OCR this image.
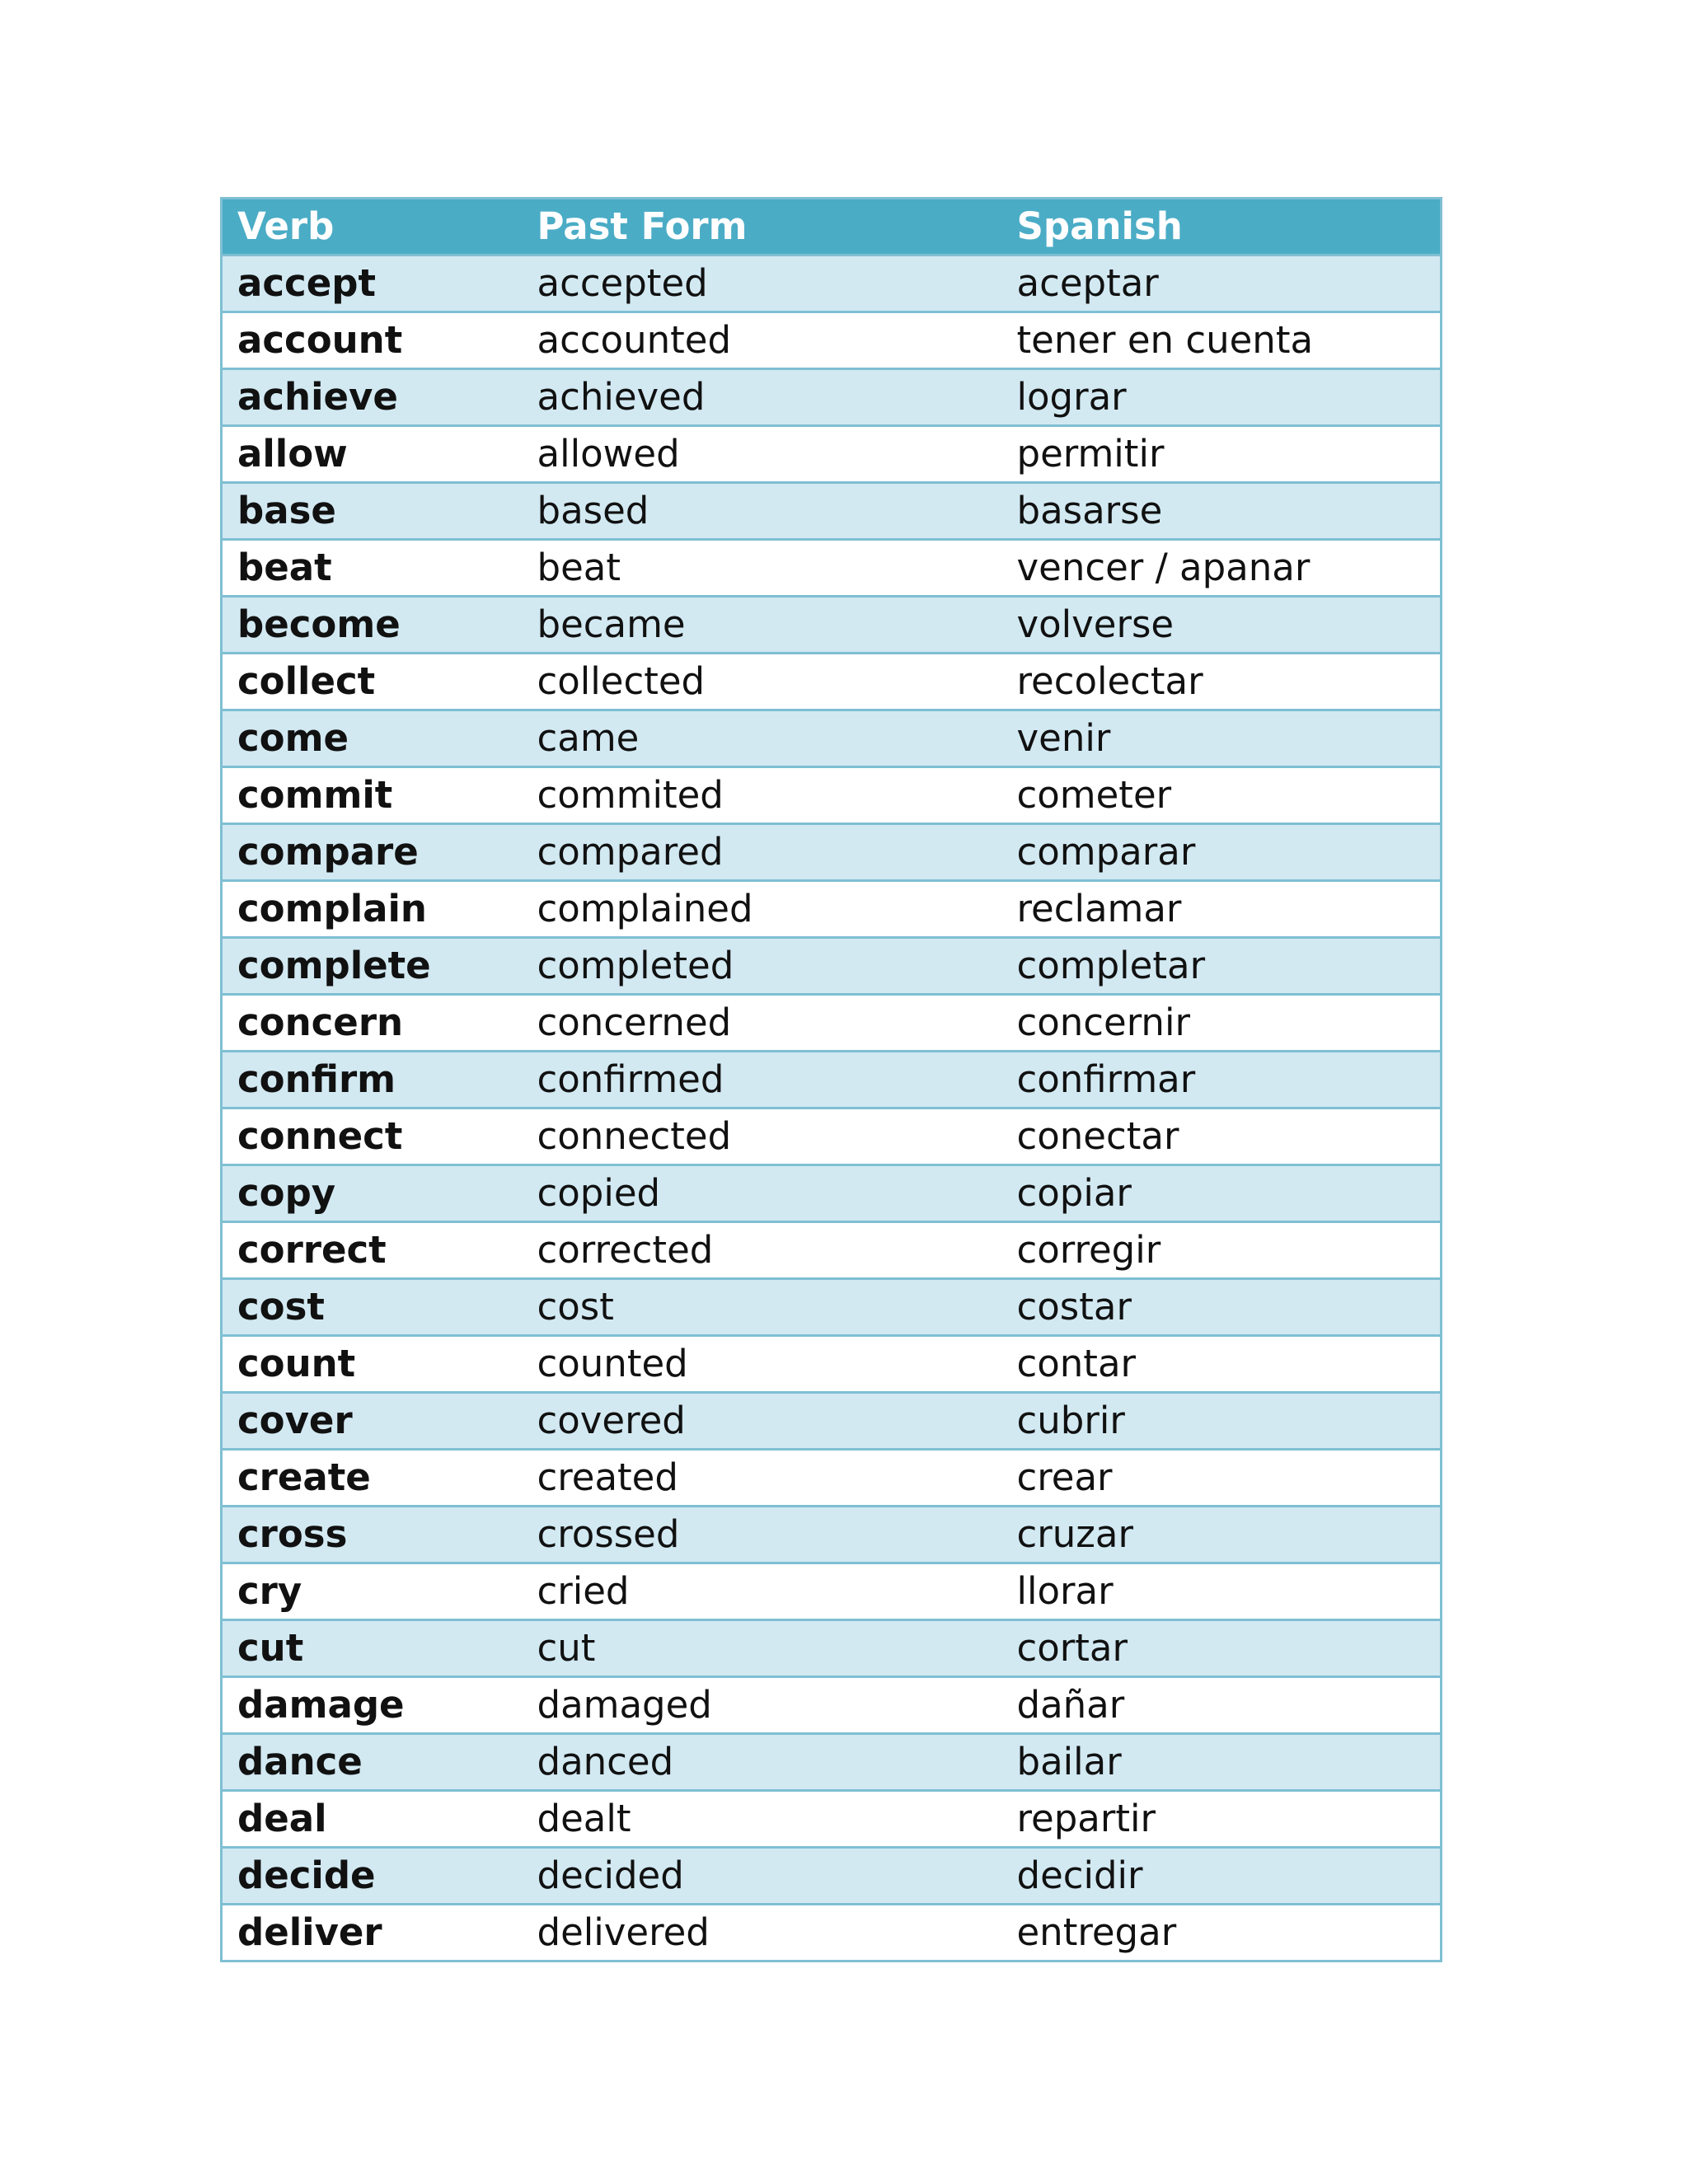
Verb	Past Form	Spanish
accept	accepted	aceptar
account	accounted	tener en cuenta
achieve	achieved	lograr
allow	allowed	permitir
base	based	basarse
beat	beat	vencer / apanar
become	became	volverse
collect	collected	recolectar
come	came	venir
commit	commited	cometer
compare	compared	comparar
complain	complained	reclamar
complete	completed	completar
concern	concerned	concernir
confirm	confirmed	confirmar
connect	connected	conectar
copy	copied	copiar
correct	corrected	corregir
cost	cost	costar
count	counted	contar
cover	covered	cubrir
create	created	crear
cross	crossed	cruzar
cry	cried	llorar
cut	cut	cortar
damage	damaged	dañar
dance	danced	bailar
deal	dealt	repartir
decide	decided	decidir
deliver	delivered	entregar
